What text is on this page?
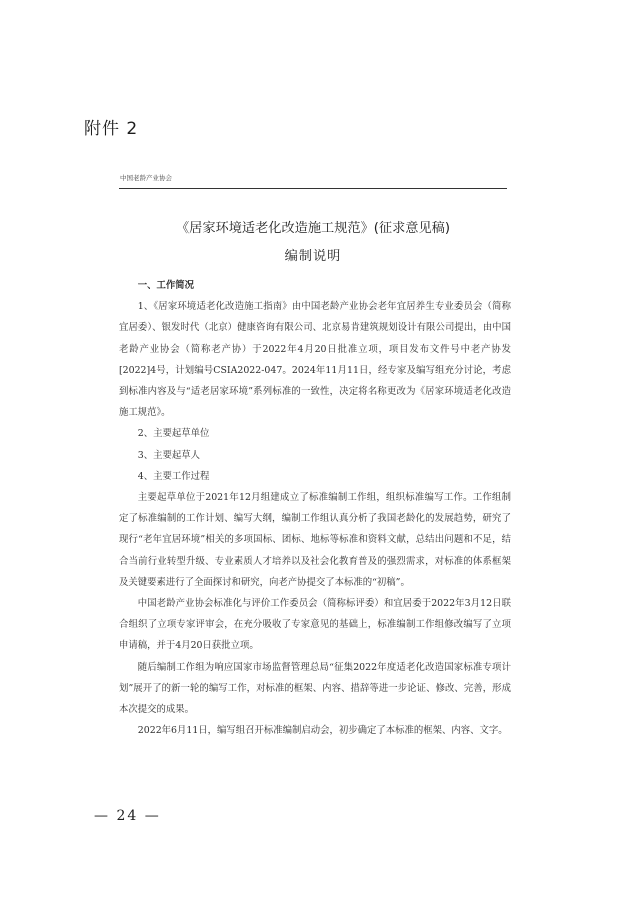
附件 2
中国老龄产业协会
《居家环境适老化改造施工规范》(征求意见稿)
编制说明

一、工作简况

1、《居家环境适老化改造施工指南》由中国老龄产业协会老年宜居养生专业委员会（简称宜居委）、银发时代（北京）健康咨询有限公司、北京易肯建筑规划设计有限公司提出，由中国老龄产业协会（简称老产协）于2022年4月20日批准立项，项目发布文件号中老产协发[2022]4号，计划编号CSIA2022-047。2024年11月11日，经专家及编写组充分讨论，考虑到标准内容及与“适老居家环境”系列标准的一致性，决定将名称更改为《居家环境适老化改造施工规范》。

2、主要起草单位

3、主要起草人

4、主要工作过程

主要起草单位于2021年12月组建成立了标准编制工作组，组织标准编写工作。工作组制定了标准编制的工作计划、编写大纲，编制工作组认真分析了我国老龄化的发展趋势，研究了现行“老年宜居环境”相关的多项国标、团标、地标等标准和资料文献，总结出问题和不足，结合当前行业转型升级、专业素质人才培养以及社会化教育普及的强烈需求，对标准的体系框架及关键要素进行了全面探讨和研究，向老产协提交了本标准的“初稿”。

中国老龄产业协会标准化与评价工作委员会（简称标评委）和宜居委于2022年3月12日联合组织了立项专家评审会，在充分吸收了专家意见的基础上，标准编制工作组修改编写了立项申请稿，并于4月20日获批立项。

随后编制工作组为响应国家市场监督管理总局“征集2022年度适老化改造国家标准专项计划”展开了的新一轮的编写工作，对标准的框架、内容、措辞等进一步论证、修改、完善，形成本次提交的成果。

2022年6月11日，编写组召开标准编制启动会，初步确定了本标准的框架、内容、文字。

— 24 —
